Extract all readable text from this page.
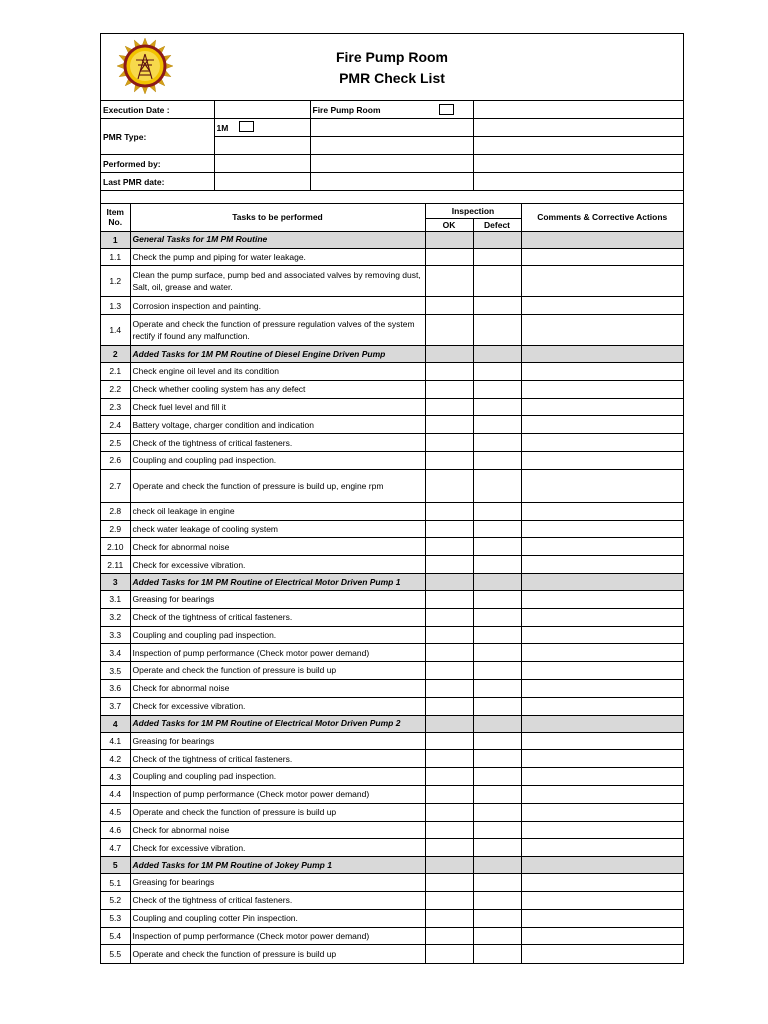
Fire Pump Room
PMR Check List
Execution Date :		Fire Pump Room

PMR Type:	1M

Performed by:			
Last PMR date:			
Item No.	Tasks to be performed	Inspection		Comments & Corrective Actions
		OK	Defect	
1	General Tasks for 1M PM Routine			
1.1	Check the pump and piping for water leakage.			
1.2	Clean the pump surface, pump bed and associated valves by removing dust, Salt, oil, grease and water.			
1.3	Corrosion inspection and painting.			
1.4	Operate and check the function of pressure regulation valves of the system rectify if found any malfunction.			
2	Added Tasks for 1M PM Routine of Diesel Engine Driven Pump			
2.1	Check engine oil level and its condition			
2.2	Check whether cooling system has any defect			
2.3	Check fuel level and fill it			
2.4	Battery voltage, charger condition and indication			
2.5	Check of the tightness of critical fasteners.			
2.6	Coupling and coupling pad inspection.			
2.7	Operate and check the function of pressure is build up, engine rpm			
2.8	check oil leakage in engine			
2.9	check water leakage of cooling system			
2.10	Check for abnormal noise			
2.11	Check for excessive vibration.			
3	Added Tasks for 1M PM Routine of Electrical Motor Driven Pump 1			
3.1	Greasing for bearings			
3.2	Check of the tightness of critical fasteners.			
3.3	Coupling and coupling pad inspection.			
3.4	Inspection of pump performance (Check motor power demand)			
3.5	Operate and check the function of pressure is build up			
3.6	Check for abnormal noise			
3.7	Check for excessive vibration.			
4	Added Tasks for 1M PM Routine of Electrical Motor Driven Pump 2			
4.1	Greasing for bearings			
4.2	Check of the tightness of critical fasteners.			
4.3	Coupling and coupling pad inspection.			
4.4	Inspection of pump performance (Check motor power demand)			
4.5	Operate and check the function of pressure is build up			
4.6	Check for abnormal noise			
4.7	Check for excessive vibration.			
5	Added Tasks for 1M PM Routine of Jokey Pump 1			
5.1	Greasing for bearings			
5.2	Check of the tightness of critical fasteners.			
5.3	Coupling and coupling cotter Pin inspection.			
5.4	Inspection of pump performance (Check motor power demand)			
5.5	Operate and check the function of pressure is build up			
